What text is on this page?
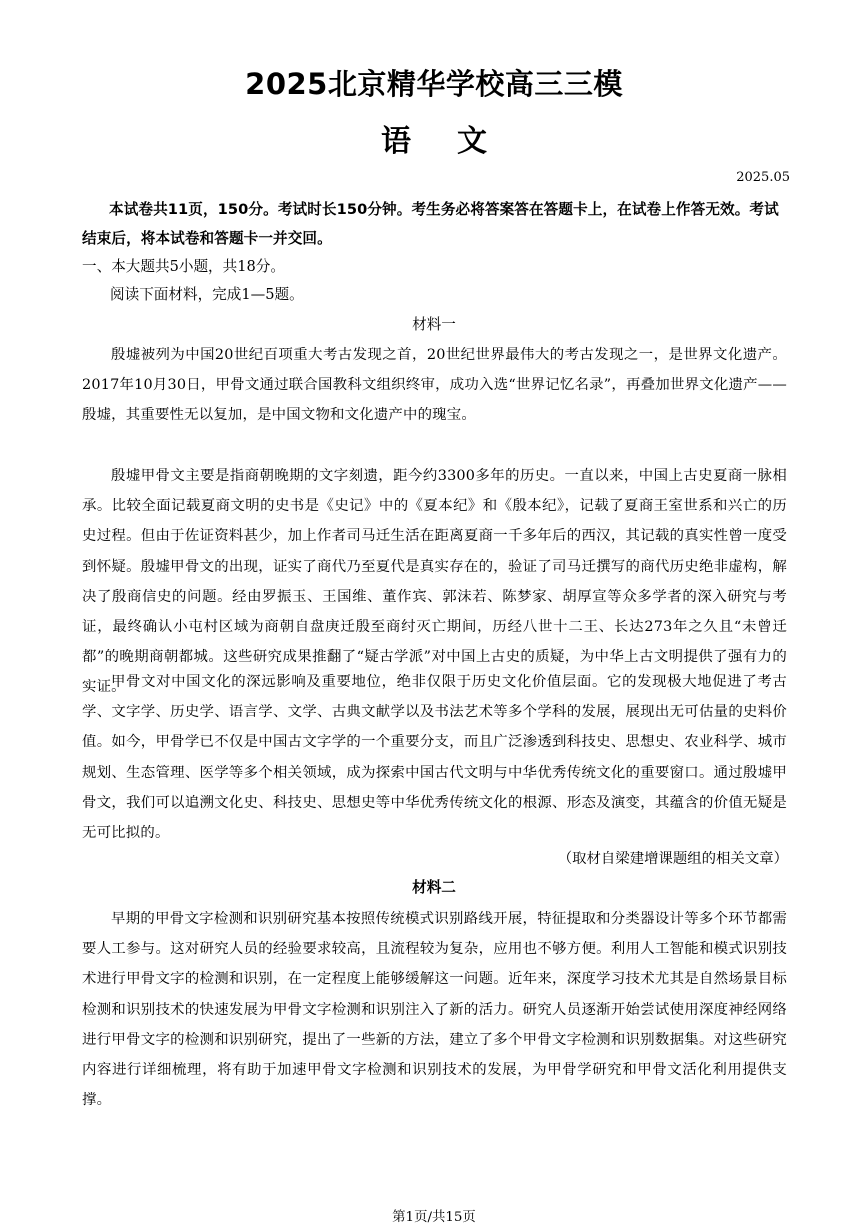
2025北京精华学校高三三模
语文
2025.05
本试卷共11页，150分。考试时长150分钟。考生务必将答案答在答题卡上，在试卷上作答无效。考试结束后，将本试卷和答题卡一并交回。
一、本大题共5小题，共18分。
阅读下面材料，完成1—5题。
材料一
殷墟被列为中国20世纪百项重大考古发现之首，20世纪世界最伟大的考古发现之一，是世界文化遗产。2017年10月30日，甲骨文通过联合国教科文组织终审，成功入选“世界记忆名录”，再叠加世界文化遗产——殷墟，其重要性无以复加，是中国文物和文化遗产中的瑰宝。
殷墟甲骨文主要是指商朝晚期的文字刻遗，距今约3300多年的历史。一直以来，中国上古史夏商一脉相承。比较全面记载夏商文明的史书是《史记》中的《夏本纪》和《殷本纪》，记载了夏商王室世系和兴亡的历史过程。但由于佐证资料甚少，加上作者司马迁生活在距离夏商一千多年后的西汉，其记载的真实性曾一度受到怀疑。殷墟甲骨文的出现，证实了商代乃至夏代是真实存在的，验证了司马迁撰写的商代历史绝非虚构，解决了殷商信史的问题。经由罗振玉、王国维、董作宾、郭沫若、陈梦家、胡厚宣等众多学者的深入研究与考证，最终确认小屯村区域为商朝自盘庚迁殷至商纣灭亡期间，历经八世十二王、长达273年之久且“未曾迁都”的晚期商朝都城。这些研究成果推翻了“疑古学派”对中国上古史的质疑，为中华上古文明提供了强有力的实证。
甲骨文对中国文化的深远影响及重要地位，绝非仅限于历史文化价值层面。它的发现极大地促进了考古学、文字学、历史学、语言学、文学、古典文献学以及书法艺术等多个学科的发展，展现出无可估量的史料价值。如今，甲骨学已不仅是中国古文字学的一个重要分支，而且广泛渗透到科技史、思想史、农业科学、城市规划、生态管理、医学等多个相关领域，成为探索中国古代文明与中华优秀传统文化的重要窗口。通过殷墟甲骨文，我们可以追溯文化史、科技史、思想史等中华优秀传统文化的根源、形态及演变，其蕴含的价值无疑是无可比拟的。
（取材自梁建增课题组的相关文章）
材料二
早期的甲骨文字检测和识别研究基本按照传统模式识别路线开展，特征提取和分类器设计等多个环节都需要人工参与。这对研究人员的经验要求较高，且流程较为复杂，应用也不够方便。利用人工智能和模式识别技术进行甲骨文字的检测和识别，在一定程度上能够缓解这一问题。近年来，深度学习技术尤其是自然场景目标检测和识别技术的快速发展为甲骨文字检测和识别注入了新的活力。研究人员逐渐开始尝试使用深度神经网络进行甲骨文字的检测和识别研究，提出了一些新的方法，建立了多个甲骨文字检测和识别数据集。对这些研究内容进行详细梳理，将有助于加速甲骨文字检测和识别技术的发展，为甲骨学研究和甲骨文活化利用提供支撑。
第1页/共15页
